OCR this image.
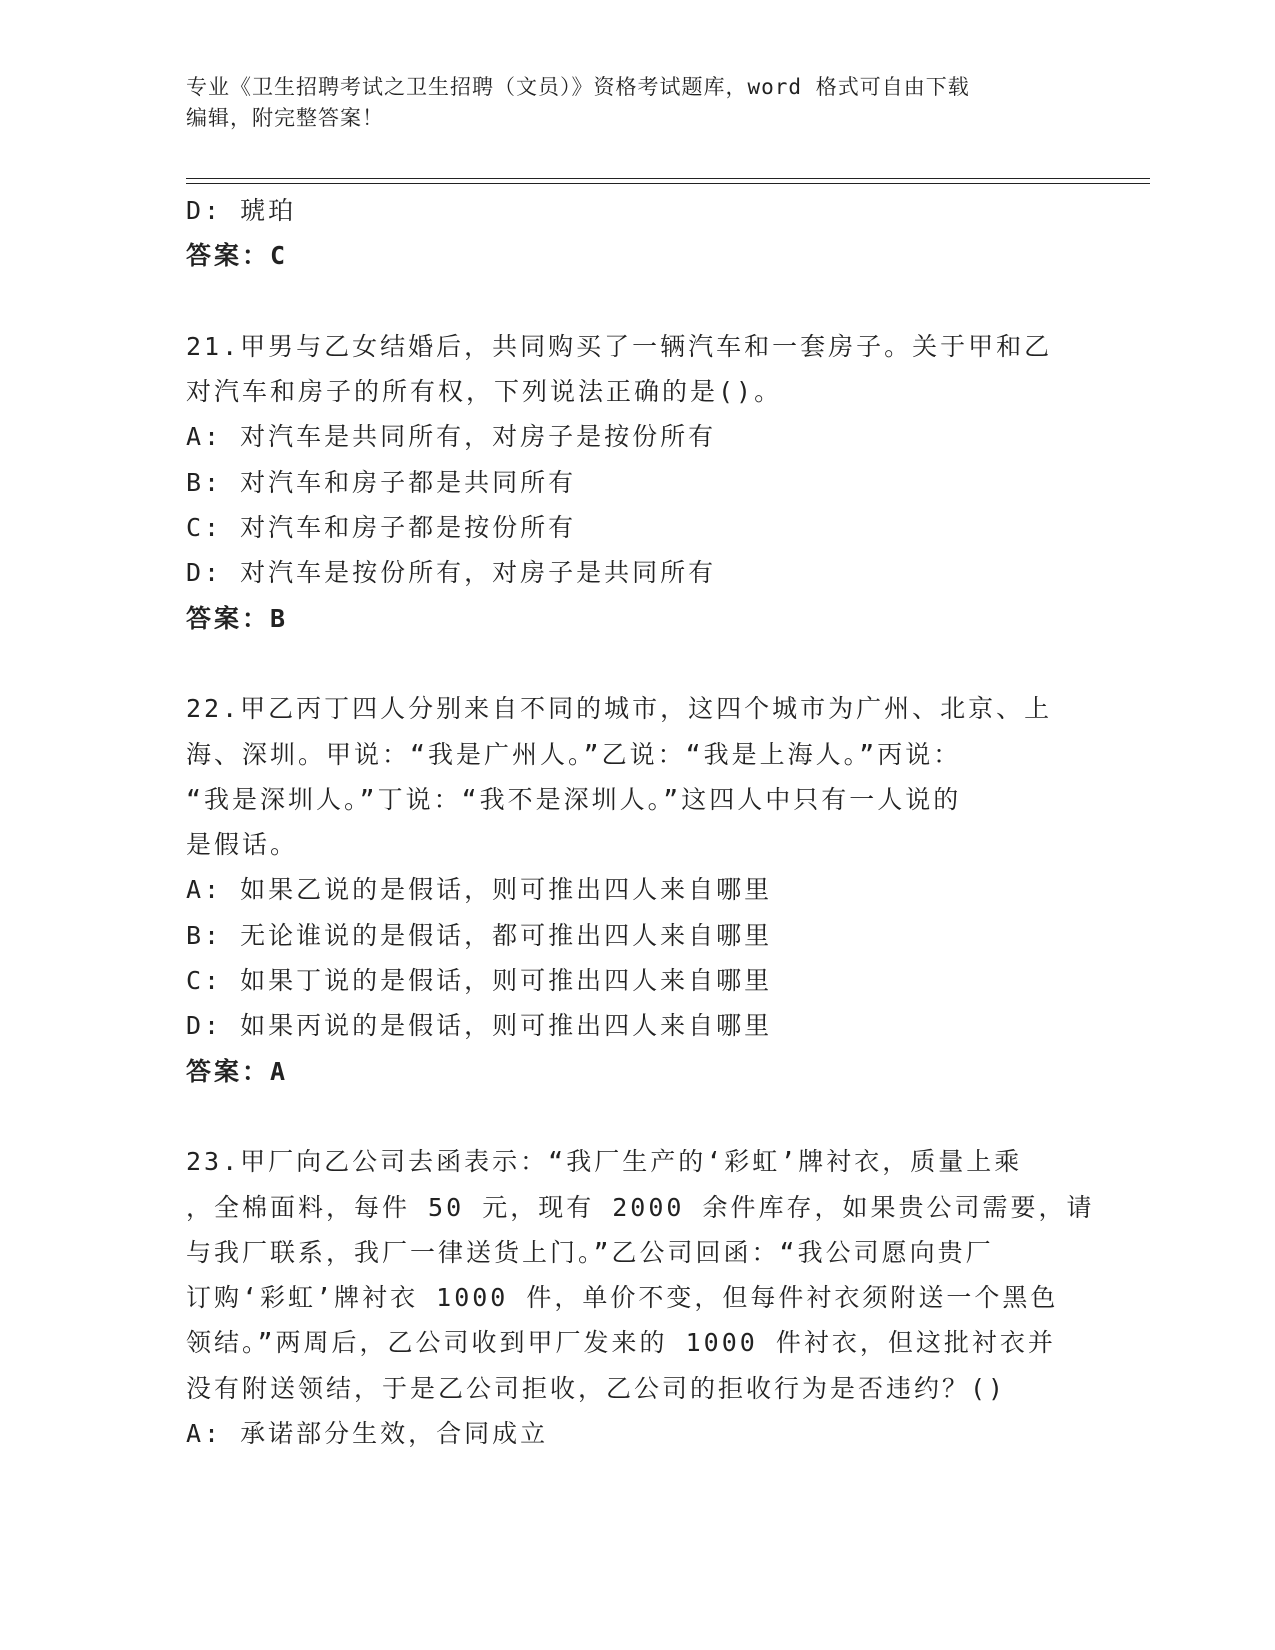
专业《卫生招聘考试之卫生招聘（文员）》资格考试题库，word 格式可自由下载
编辑，附完整答案！
D: 琥珀
答案：C
21.甲男与乙女结婚后，共同购买了一辆汽车和一套房子。关于甲和乙
对汽车和房子的所有权，下列说法正确的是()。
A: 对汽车是共同所有，对房子是按份所有
B: 对汽车和房子都是共同所有
C: 对汽车和房子都是按份所有
D: 对汽车是按份所有，对房子是共同所有
答案：B
22.甲乙丙丁四人分别来自不同的城市，这四个城市为广州、北京、上
海、深圳。甲说：“我是广州人。”乙说：“我是上海人。”丙说：
“我是深圳人。”丁说：“我不是深圳人。”这四人中只有一人说的
是假话。
A: 如果乙说的是假话，则可推出四人来自哪里
B: 无论谁说的是假话，都可推出四人来自哪里
C: 如果丁说的是假话，则可推出四人来自哪里
D: 如果丙说的是假话，则可推出四人来自哪里
答案：A
23.甲厂向乙公司去函表示：“我厂生产的‘彩虹’牌衬衣，质量上乘
，全棉面料，每件 50 元，现有 2000 余件库存，如果贵公司需要，请
与我厂联系，我厂一律送货上门。”乙公司回函：“我公司愿向贵厂
订购‘彩虹’牌衬衣 1000 件，单价不变，但每件衬衣须附送一个黑色
领结。”两周后，乙公司收到甲厂发来的 1000 件衬衣，但这批衬衣并
没有附送领结，于是乙公司拒收，乙公司的拒收行为是否违约？()
A: 承诺部分生效，合同成立
